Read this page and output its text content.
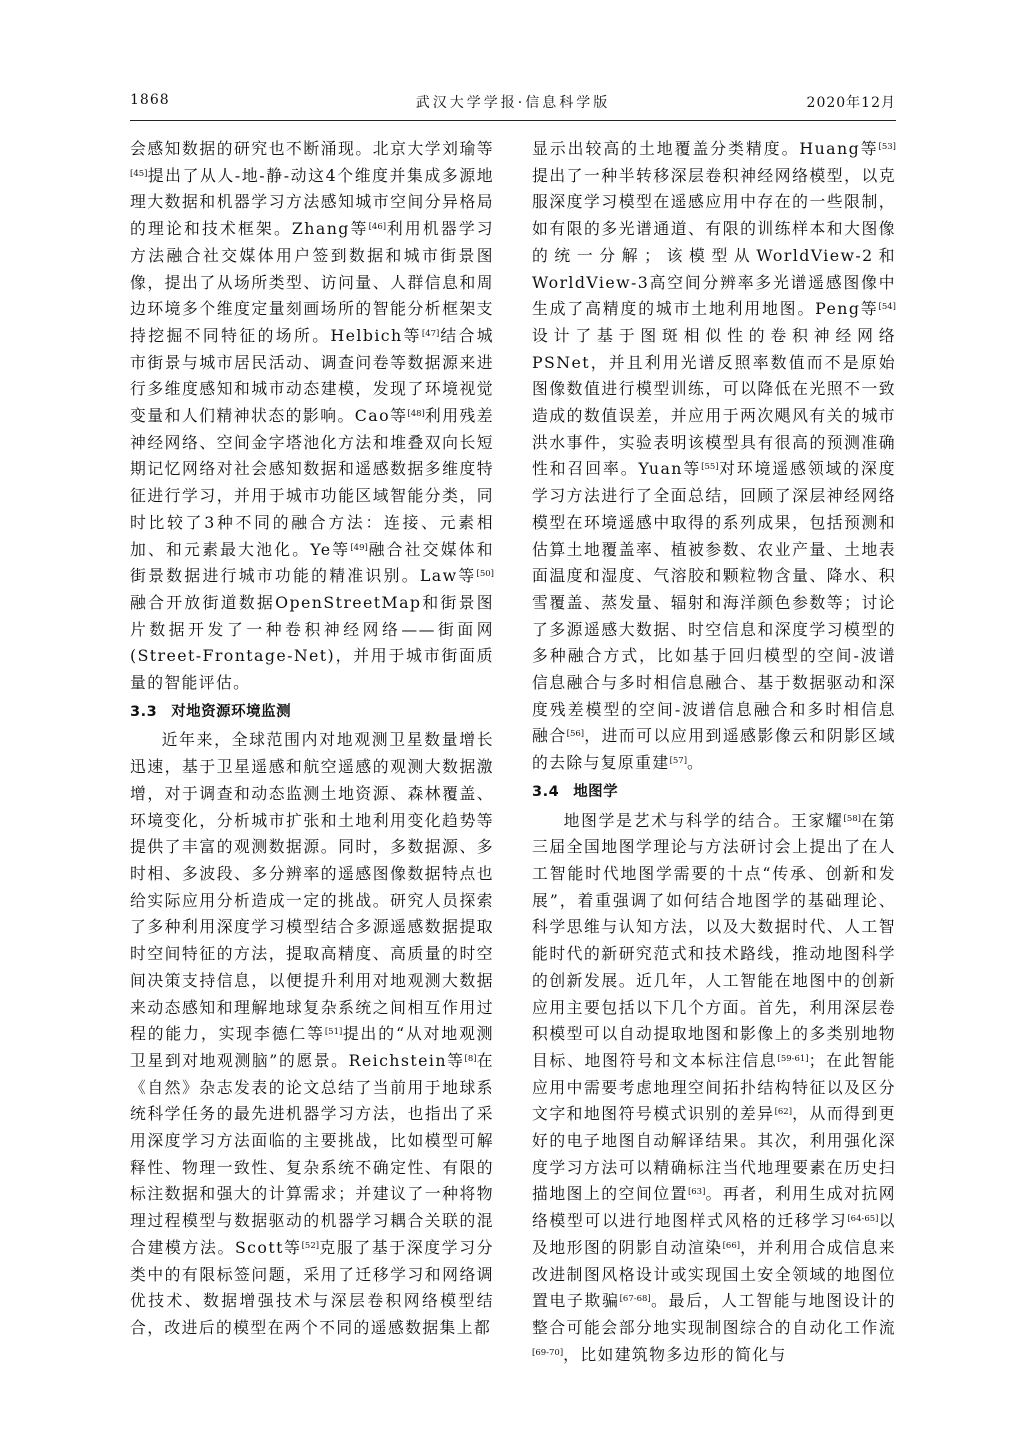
1868	武汉大学学报·信息科学版	2020年12月

会感知数据的研究也不断涌现。北京大学刘瑜等[45]提出了从人-地-静-动这4个维度并集成多源地理大数据和机器学习方法感知城市空间分异格局的理论和技术框架。Zhang等[46]利用机器学习方法融合社交媒体用户签到数据和城市街景图像，提出了从场所类型、访问量、人群信息和周边环境多个维度定量刻画场所的智能分析框架支持挖掘不同特征的场所。Helbich等[47]结合城市街景与城市居民活动、调查问卷等数据源来进行多维度感知和城市动态建模，发现了环境视觉变量和人们精神状态的影响。Cao等[48]利用残差神经网络、空间金字塔池化方法和堆叠双向长短期记忆网络对社会感知数据和遥感数据多维度特征进行学习，并用于城市功能区域智能分类，同时比较了3种不同的融合方法：连接、元素相加、和元素最大池化。Ye等[49]融合社交媒体和街景数据进行城市功能的精准识别。Law等[50]融合开放街道数据OpenStreetMap和街景图片数据开发了一种卷积神经网络——街面网(Street-Frontage-Net)，并用于城市街面质量的智能评估。

3.3 对地资源环境监测

近年来，全球范围内对地观测卫星数量增长迅速，基于卫星遥感和航空遥感的观测大数据激增，对于调查和动态监测土地资源、森林覆盖、环境变化，分析城市扩张和土地利用变化趋势等提供了丰富的观测数据源。同时，多数据源、多时相、多波段、多分辨率的遥感图像数据特点也给实际应用分析造成一定的挑战。研究人员探索了多种利用深度学习模型结合多源遥感数据提取时空间特征的方法，提取高精度、高质量的时空间决策支持信息，以便提升利用对地观测大数据来动态感知和理解地球复杂系统之间相互作用过程的能力，实现李德仁等[51]提出的“从对地观测卫星到对地观测脑”的愿景。Reichstein等[8]在《自然》杂志发表的论文总结了当前用于地球系统科学任务的最先进机器学习方法，也指出了采用深度学习方法面临的主要挑战，比如模型可解释性、物理一致性、复杂系统不确定性、有限的标注数据和强大的计算需求；并建议了一种将物理过程模型与数据驱动的机器学习耦合关联的混合建模方法。Scott等[52]克服了基于深度学习分类中的有限标签问题，采用了迁移学习和网络调优技术、数据增强技术与深层卷积网络模型结合，改进后的模型在两个不同的遥感数据集上都

显示出较高的土地覆盖分类精度。Huang等[53]提出了一种半转移深层卷积神经网络模型，以克服深度学习模型在遥感应用中存在的一些限制，如有限的多光谱通道、有限的训练样本和大图像的统一分解；该模型从WorldView-2和WorldView-3高空间分辨率多光谱遥感图像中生成了高精度的城市土地利用地图。Peng等[54]设计了基于图斑相似性的卷积神经网络PSNet，并且利用光谱反照率数值而不是原始图像数值进行模型训练，可以降低在光照不一致造成的数值误差，并应用于两次飓风有关的城市洪水事件，实验表明该模型具有很高的预测准确性和召回率。Yuan等[55]对环境遥感领域的深度学习方法进行了全面总结，回顾了深层神经网络模型在环境遥感中取得的系列成果，包括预测和估算土地覆盖率、植被参数、农业产量、土地表面温度和湿度、气溶胶和颗粒物含量、降水、积雪覆盖、蒸发量、辐射和海洋颜色参数等；讨论了多源遥感大数据、时空信息和深度学习模型的多种融合方式，比如基于回归模型的空间-波谱信息融合与多时相信息融合、基于数据驱动和深度残差模型的空间-波谱信息融合和多时相信息融合[56]，进而可以应用到遥感影像云和阴影区域的去除与复原重建[57]。

3.4 地图学

地图学是艺术与科学的结合。王家耀[58]在第三届全国地图学理论与方法研讨会上提出了在人工智能时代地图学需要的十点“传承、创新和发展”，着重强调了如何结合地图学的基础理论、科学思维与认知方法，以及大数据时代、人工智能时代的新研究范式和技术路线，推动地图科学的创新发展。近几年，人工智能在地图中的创新应用主要包括以下几个方面。首先，利用深层卷积模型可以自动提取地图和影像上的多类别地物目标、地图符号和文本标注信息[59-61]；在此智能应用中需要考虑地理空间拓扑结构特征以及区分文字和地图符号模式识别的差异[62]，从而得到更好的电子地图自动解译结果。其次，利用强化深度学习方法可以精确标注当代地理要素在历史扫描地图上的空间位置[63]。再者，利用生成对抗网络模型可以进行地图样式风格的迁移学习[64-65]以及地形图的阴影自动渲染[66]，并利用合成信息来改进制图风格设计或实现国土安全领域的地图位置电子欺骗[67-68]。最后，人工智能与地图设计的整合可能会部分地实现制图综合的自动化工作流[69-70]，比如建筑物多边形的简化与
